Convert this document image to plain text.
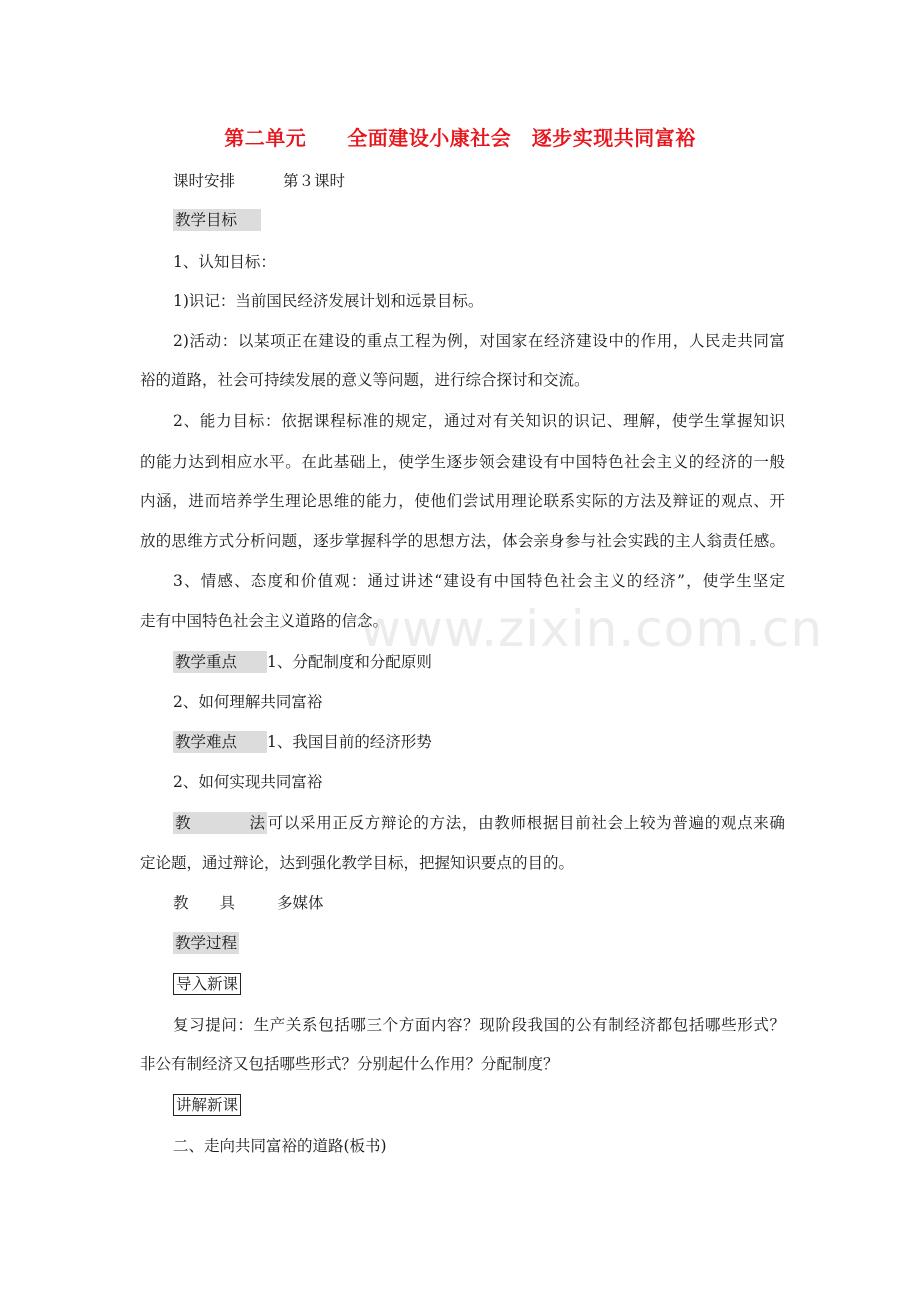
第二单元　　全面建设小康社会　逐步实现共同富裕
课时安排	第３课时
教学目标
1、认知目标：
1)识记：当前国民经济发展计划和远景目标。
2)活动：以某项正在建设的重点工程为例，对国家在经济建设中的作用，人民走共同富
裕的道路，社会可持续发展的意义等问题，进行综合探讨和交流。
2、能力目标：依据课程标准的规定，通过对有关知识的识记、理解，使学生掌握知识
的能力达到相应水平。在此基础上，使学生逐步领会建设有中国特色社会主义的经济的一般
内涵，进而培养学生理论思维的能力，使他们尝试用理论联系实际的方法及辩证的观点、开
放的思维方式分析问题，逐步掌握科学的思想方法，体会亲身参与社会实践的主人翁责任感。
3、情感、态度和价值观：通过讲述“建设有中国特色社会主义的经济”，使学生坚定
走有中国特色社会主义道路的信念。
教学重点 1、分配制度和分配原则
2、如何理解共同富裕
教学难点 1、我国目前的经济形势
2、如何实现共同富裕
教　　法 可以采用正反方辩论的方法，由教师根据目前社会上较为普遍的观点来确
定论题，通过辩论，达到强化教学目标，把握知识要点的目的。
教　　具	多媒体
教学过程
导入新课
复习提问：生产关系包括哪三个方面内容？现阶段我国的公有制经济都包括哪些形式？
非公有制经济又包括哪些形式？分别起什么作用？分配制度？
讲解新课
二、走向共同富裕的道路(板书)
www.zixin.com.cn
